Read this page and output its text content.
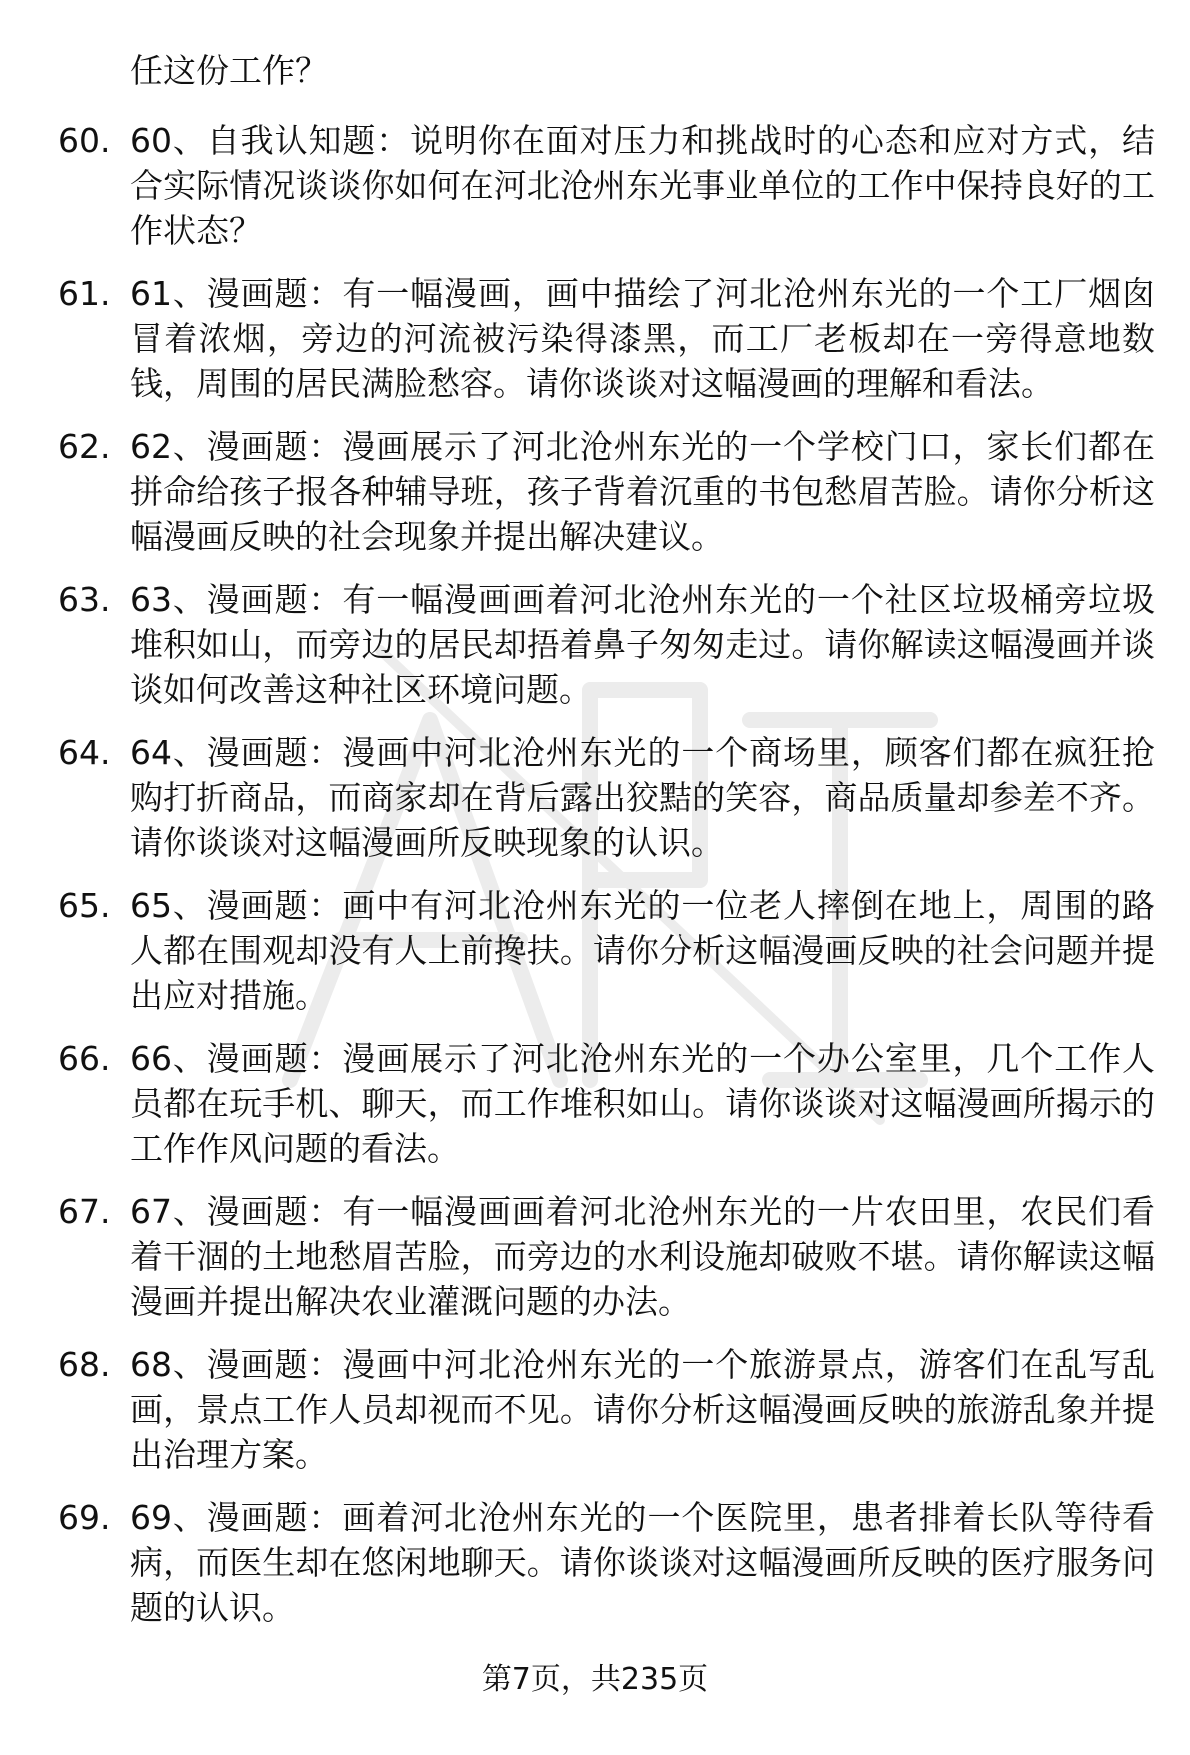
任这份工作？

60. 60、自我认知题：说明你在面对压力和挑战时的心态和应对方式，结合实际情况谈谈你如何在河北沧州东光事业单位的工作中保持良好的工作状态？
61. 61、漫画题：有一幅漫画，画中描绘了河北沧州东光的一个工厂烟囱冒着浓烟，旁边的河流被污染得漆黑，而工厂老板却在一旁得意地数钱，周围的居民满脸愁容。请你谈谈对这幅漫画的理解和看法。
62. 62、漫画题：漫画展示了河北沧州东光的一个学校门口，家长们都在拼命给孩子报各种辅导班，孩子背着沉重的书包愁眉苦脸。请你分析这幅漫画反映的社会现象并提出解决建议。
63. 63、漫画题：有一幅漫画画着河北沧州东光的一个社区垃圾桶旁垃圾堆积如山，而旁边的居民却捂着鼻子匆匆走过。请你解读这幅漫画并谈谈如何改善这种社区环境问题。
64. 64、漫画题：漫画中河北沧州东光的一个商场里，顾客们都在疯狂抢购打折商品，而商家却在背后露出狡黠的笑容，商品质量却参差不齐。请你谈谈对这幅漫画所反映现象的认识。
65. 65、漫画题：画中有河北沧州东光的一位老人摔倒在地上，周围的路人都在围观却没有人上前搀扶。请你分析这幅漫画反映的社会问题并提出应对措施。
66. 66、漫画题：漫画展示了河北沧州东光的一个办公室里，几个工作人员都在玩手机、聊天，而工作堆积如山。请你谈谈对这幅漫画所揭示的工作作风问题的看法。
67. 67、漫画题：有一幅漫画画着河北沧州东光的一片农田里，农民们看着干涸的土地愁眉苦脸，而旁边的水利设施却破败不堪。请你解读这幅漫画并提出解决农业灌溉问题的办法。
68. 68、漫画题：漫画中河北沧州东光的一个旅游景点，游客们在乱写乱画，景点工作人员却视而不见。请你分析这幅漫画反映的旅游乱象并提出治理方案。
69. 69、漫画题：画着河北沧州东光的一个医院里，患者排着长队等待看病，而医生却在悠闲地聊天。请你谈谈对这幅漫画所反映的医疗服务问题的认识。
第7页，共235页
